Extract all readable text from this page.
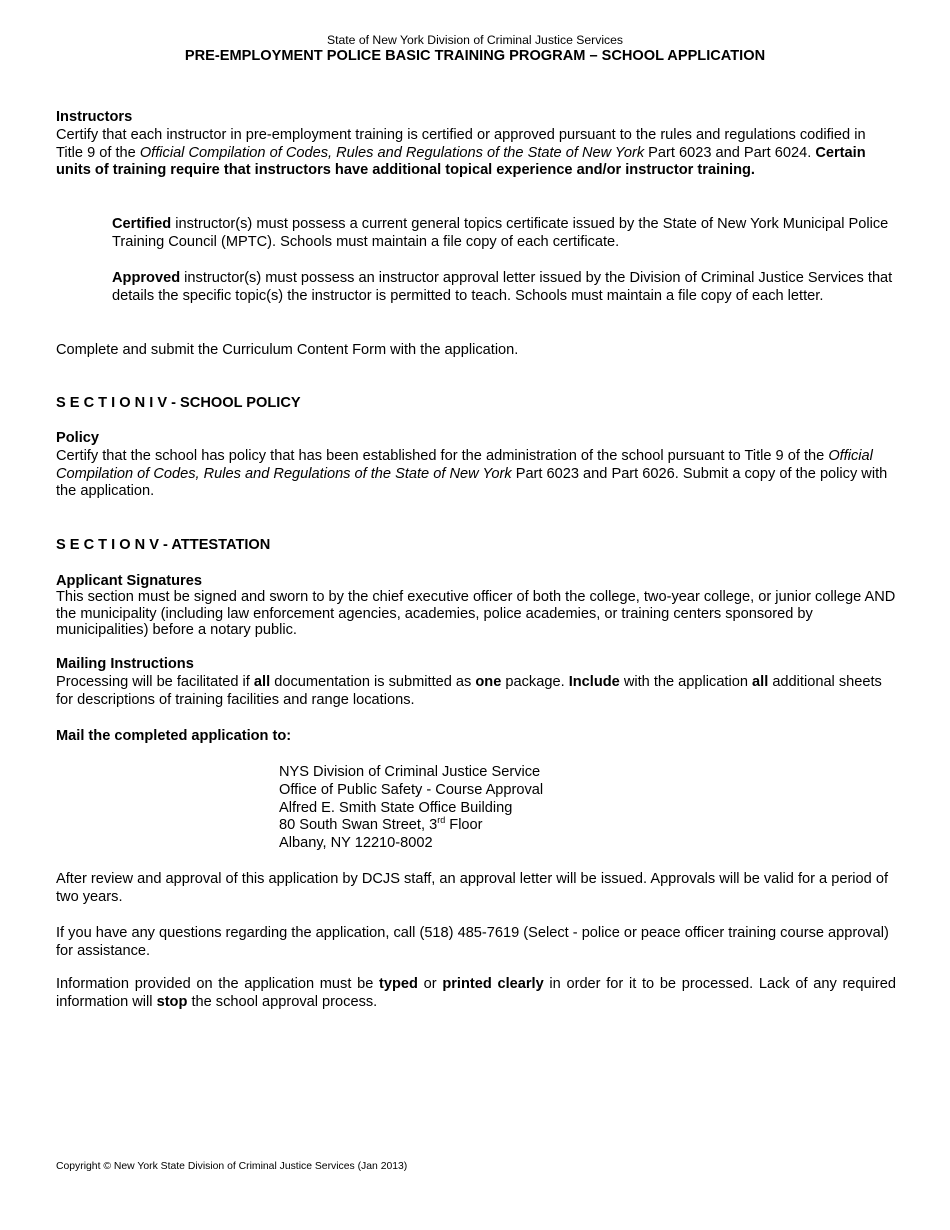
State of New York Division of Criminal Justice Services
PRE-EMPLOYMENT POLICE BASIC TRAINING PROGRAM – SCHOOL APPLICATION

Instructors

Certify that each instructor in pre-employment training is certified or approved pursuant to the rules and regulations codified in Title 9 of the Official Compilation of Codes, Rules and Regulations of the State of New York Part 6023 and Part 6024. Certain units of training require that instructors have additional topical experience and/or instructor training.

Certified instructor(s) must possess a current general topics certificate issued by the State of New York Municipal Police Training Council (MPTC). Schools must maintain a file copy of each certificate.

Approved instructor(s) must possess an instructor approval letter issued by the Division of Criminal Justice Services that details the specific topic(s) the instructor is permitted to teach. Schools must maintain a file copy of each letter.

Complete and submit the Curriculum Content Form with the application.

S E C T I O N I V - SCHOOL POLICY

Policy

Certify that the school has policy that has been established for the administration of the school pursuant to Title 9 of the Official Compilation of Codes, Rules and Regulations of the State of New York Part 6023 and Part 6026. Submit a copy of the policy with the application.

S E C T I O N V - ATTESTATION

Applicant Signatures

This section must be signed and sworn to by the chief executive officer of both the college, two-year college, or junior college AND the municipality (including law enforcement agencies, academies, police academies, or training centers sponsored by municipalities) before a notary public.

Mailing Instructions

Processing will be facilitated if all documentation is submitted as one package. Include with the application all additional sheets for descriptions of training facilities and range locations.

Mail the completed application to:

NYS Division of Criminal Justice Service
Office of Public Safety - Course Approval
Alfred E. Smith State Office Building
80 South Swan Street, 3rd Floor
Albany, NY 12210-8002

After review and approval of this application by DCJS staff, an approval letter will be issued. Approvals will be valid for a period of two years.

If you have any questions regarding the application, call (518) 485-7619 (Select - police or peace officer training course approval) for assistance.

Information provided on the application must be typed or printed clearly in order for it to be processed. Lack of any required information will stop the school approval process.

Copyright © New York State Division of Criminal Justice Services (Jan 2013)
